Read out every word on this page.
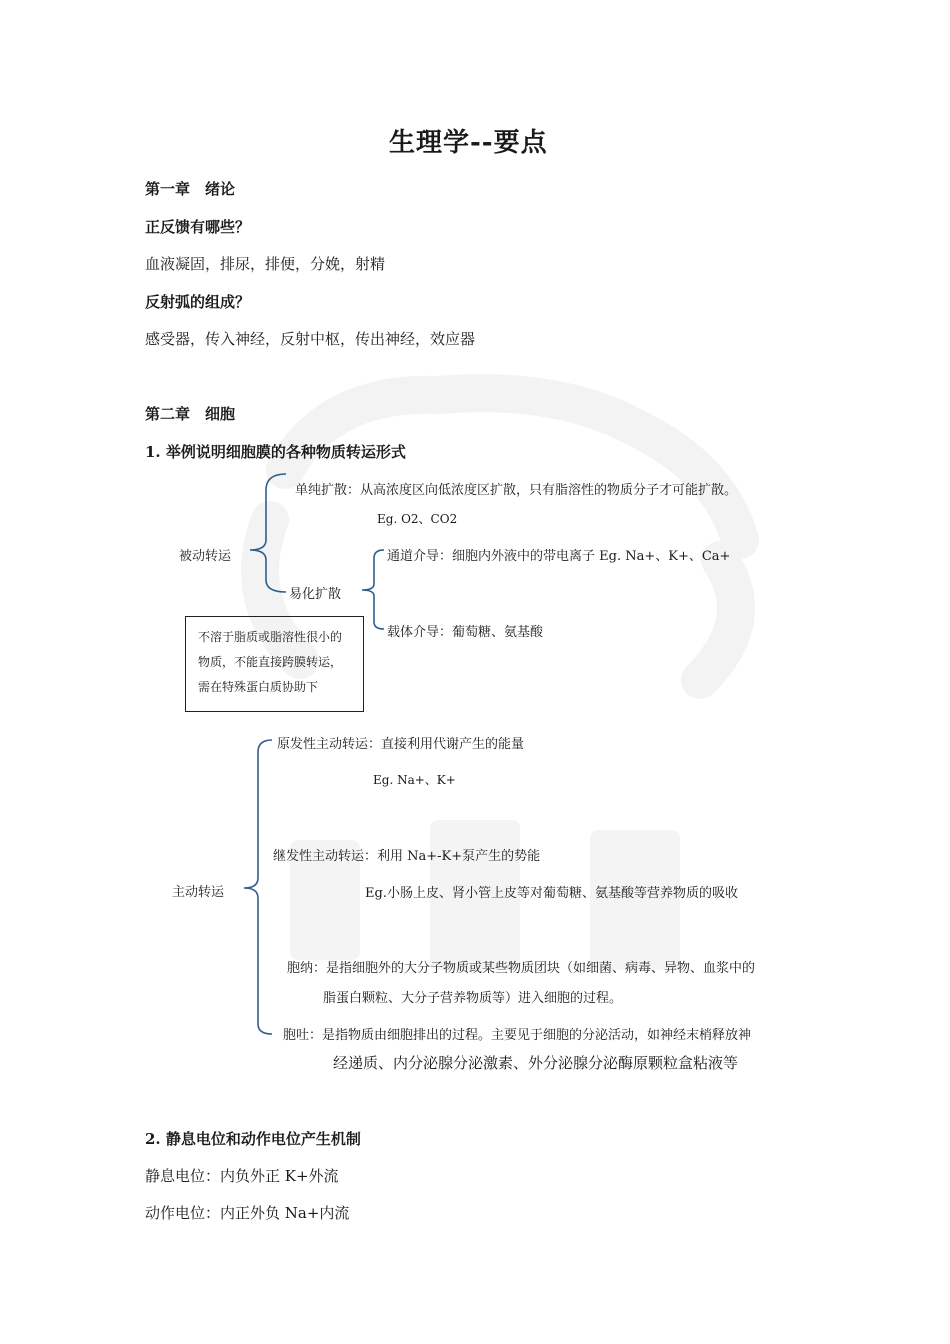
生理学--要点
第一章　绪论
正反馈有哪些？
血液凝固，排尿，排便，分娩，射精
反射弧的组成？
感受器，传入神经，反射中枢，传出神经，效应器
第二章　细胞
1. 举例说明细胞膜的各种物质转运形式
被动转运
单纯扩散：从高浓度区向低浓度区扩散，只有脂溶性的物质分子才可能扩散。
Eg. O2、CO2
通道介导：细胞内外液中的带电离子 Eg. Na+、K+、Ca+
易化扩散
载体介导：葡萄糖、氨基酸
不溶于脂质或脂溶性很小的
物质，不能直接跨膜转运，
需在特殊蛋白质协助下
主动转运
原发性主动转运：直接利用代谢产生的能量
Eg. Na+、K+
继发性主动转运：利用 Na+-K+泵产生的势能
Eg.小肠上皮、肾小管上皮等对葡萄糖、氨基酸等营养物质的吸收
胞纳：是指细胞外的大分子物质或某些物质团块（如细菌、病毒、异物、血浆中的
脂蛋白颗粒、大分子营养物质等）进入细胞的过程。
胞吐：是指物质由细胞排出的过程。主要见于细胞的分泌活动，如神经末梢释放神
经递质、内分泌腺分泌激素、外分泌腺分泌酶原颗粒盒粘液等
2. 静息电位和动作电位产生机制
静息电位：内负外正 K+外流
动作电位：内正外负 Na+内流
